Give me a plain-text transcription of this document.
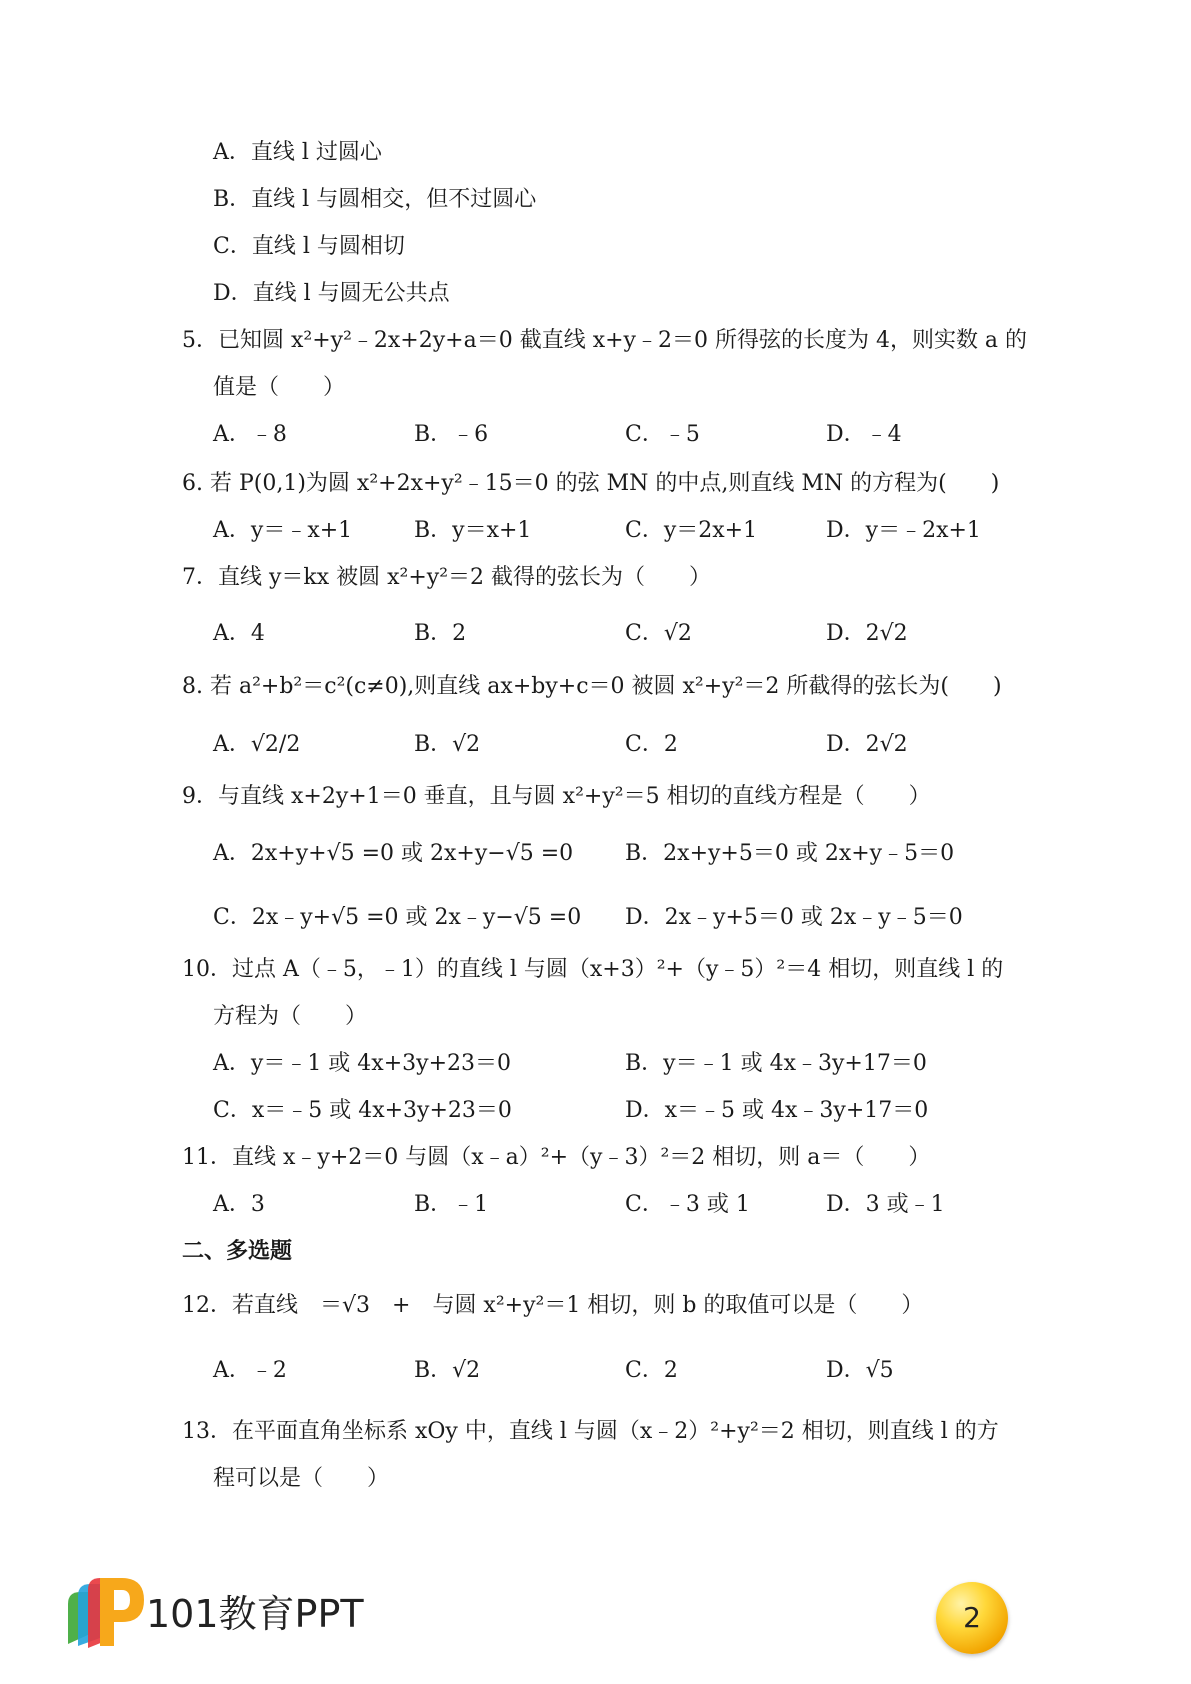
A．直线 l 过圆心
B．直线 l 与圆相交，但不过圆心
C．直线 l 与圆相切
D．直线 l 与圆无公共点
5．已知圆 x²+y²﹣2x+2y+a＝0 截直线 x+y﹣2＝0 所得弦的长度为 4，则实数 a 的
值是（　　）
6. 若 P(0,1)为圆 x²+2x+y²﹣15＝0 的弦 MN 的中点,则直线 MN 的方程为(　　)
7．直线 y＝kx 被圆 x²+y²＝2 截得的弦长为（　　）
8. 若 a²+b²＝c²(c≠0),则直线 ax+by+c＝0 被圆 x²+y²＝2 所截得的弦长为(　　)
9．与直线 x+2y+1＝0 垂直，且与圆 x²+y²＝5 相切的直线方程是（　　）
10．过点 A（﹣5，﹣1）的直线 l 与圆（x+3）²+（y﹣5）²＝4 相切，则直线 l 的
方程为（　　）
11．直线 x﹣y+2＝0 与圆（x﹣a）²+（y﹣3）²＝2 相切，则 a＝（　　）
二、多选题
12．若直线　＝√3　+　与圆 x²+y²＝1 相切，则 b 的取值可以是（　　）
13．在平面直角坐标系 xOy 中，直线 l 与圆（x﹣2）²+y²＝2 相切，则直线 l 的方
程可以是（　　）
A．﹣8	B．﹣6	C．﹣5	D．﹣4
A．y＝﹣x+1	B．y＝x+1	C．y＝2x+1	D．y＝﹣2x+1
A．4	B．2	C．√2	D．2√2
A．√2/2	B．√2	C．2	D．2√2
A．2x+y+√5 =0 或 2x+y−√5 =0 B．2x+y+5＝0 或 2x+y﹣5＝0
C．2x﹣y+√5 =0 或 2x﹣y−√5 =0 D．2x﹣y+5＝0 或 2x﹣y﹣5＝0
A．y＝﹣1 或 4x+3y+23＝0	B．y＝﹣1 或 4x﹣3y+17＝0
C．x＝﹣5 或 4x+3y+23＝0	D．x＝﹣5 或 4x﹣3y+17＝0
A．3	B．﹣1	C．﹣3 或 1	D．3 或﹣1
A．﹣2	B．√2	C．2	D．√5
101教育PPT	2
